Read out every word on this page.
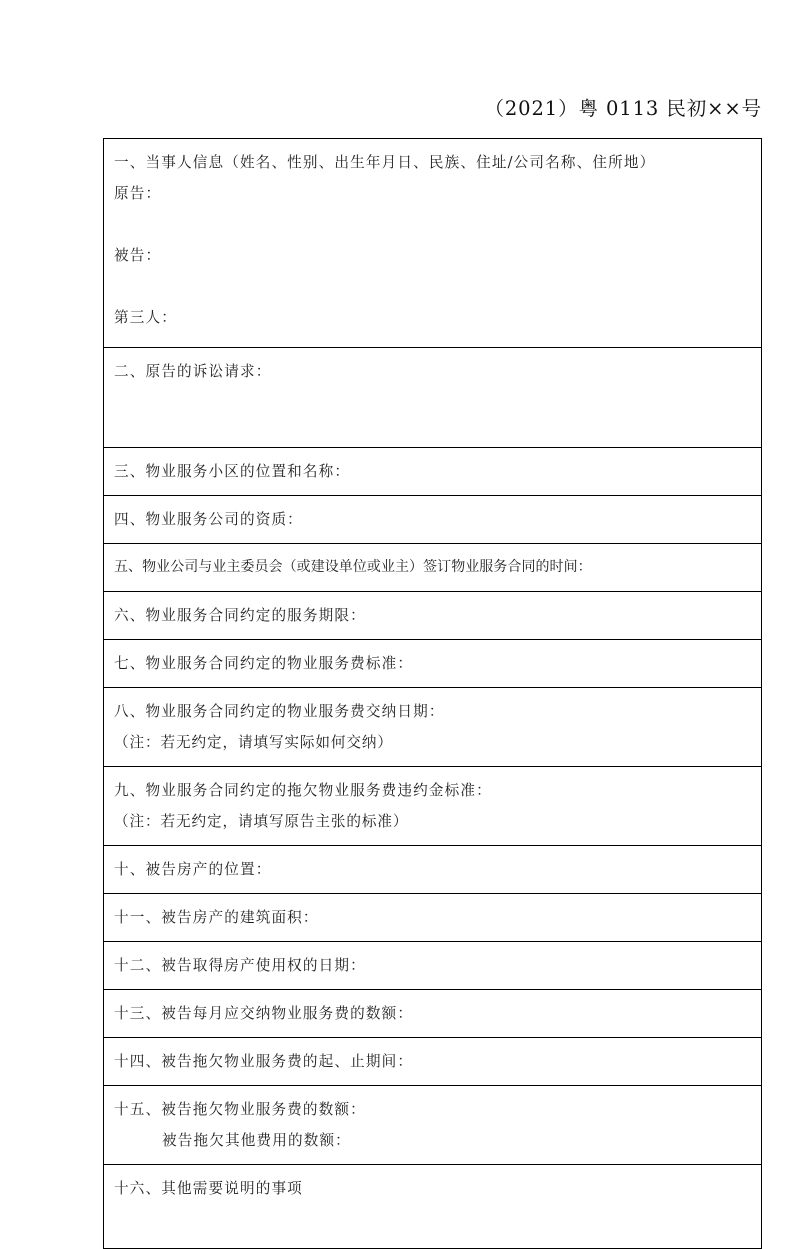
（2021）粤 0113 民初××号
一、当事人信息（姓名、性别、出生年月日、民族、住址/公司名称、住所地）
原告：

被告：

第三人：

二、原告的诉讼请求：

三、物业服务小区的位置和名称：

四、物业服务公司的资质：

五、物业公司与业主委员会（或建设单位或业主）签订物业服务合同的时间：

六、物业服务合同约定的服务期限：

七、物业服务合同约定的物业服务费标准：

八、物业服务合同约定的物业服务费交纳日期：
（注：若无约定，请填写实际如何交纳）

九、物业服务合同约定的拖欠物业服务费违约金标准：
（注：若无约定，请填写原告主张的标准）

十、被告房产的位置：

十一、被告房产的建筑面积：

十二、被告取得房产使用权的日期：

十三、被告每月应交纳物业服务费的数额：

十四、被告拖欠物业服务费的起、止期间：

十五、被告拖欠物业服务费的数额：
被告拖欠其他费用的数额：

十六、其他需要说明的事项
